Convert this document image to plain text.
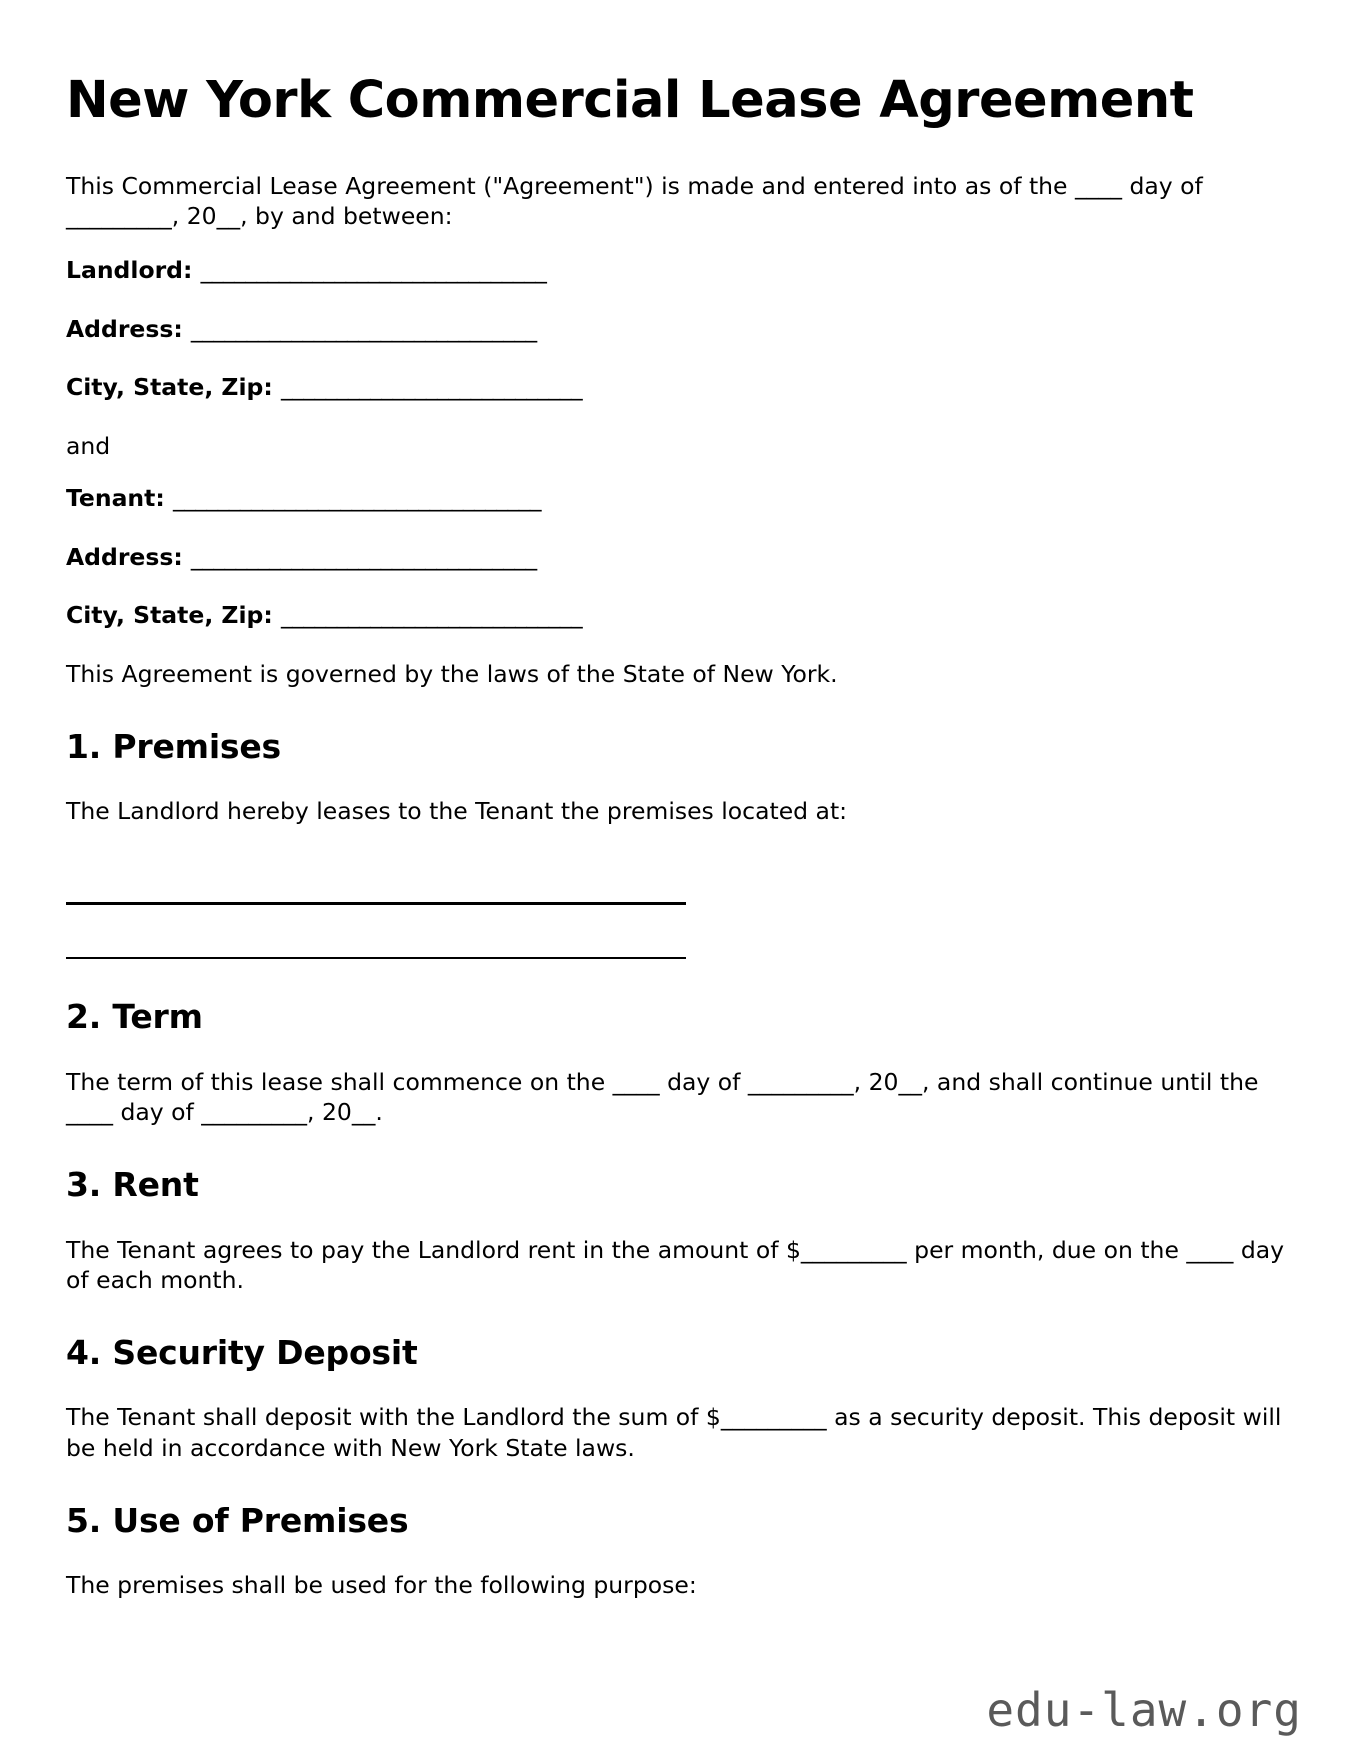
New York Commercial Lease Agreement

This Commercial Lease Agreement ("Agreement") is made and entered into as of the ____ day of _________, 20__, by and between:

Landlord: _______________________________
Address: _______________________________
City, State, Zip: ___________________________

and

Tenant: _________________________________
Address: _______________________________
City, State, Zip: ___________________________

This Agreement is governed by the laws of the State of New York.

1. Premises

The Landlord hereby leases to the Tenant the premises located at:

2. Term

The term of this lease shall commence on the ____ day of _________, 20__, and shall continue until the ____ day of _________, 20__.

3. Rent

The Tenant agrees to pay the Landlord rent in the amount of $_________ per month, due on the ____ day of each month.

4. Security Deposit

The Tenant shall deposit with the Landlord the sum of $_________ as a security deposit. This deposit will be held in accordance with New York State laws.

5. Use of Premises

The premises shall be used for the following purpose:

edu-law.org
